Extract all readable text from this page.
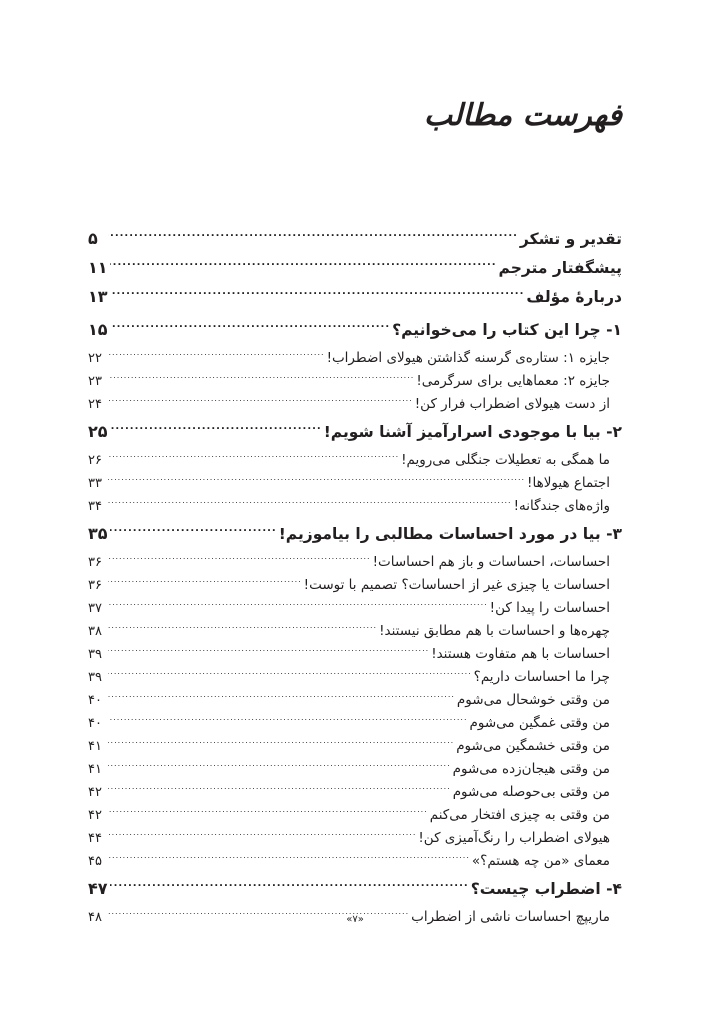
فهرست مطالب
تقدیر و تشکر
.....
۵
پیشگفتار مترجم
.....
۱۱
دربارهٔ مؤلف
.....
۱۳
۱- چرا این کتاب را می‌خوانیم؟
.....
۱۵
جایزه ۱: ستاره‌ی گرسنه گذاشتن هیولای اضطراب!
.....
۲۲
جایزه ۲: معماهایی برای سرگرمی!
.....
۲۳
از دست هیولای اضطراب فرار کن!
.....
۲۴
۲- بیا با موجودی اسرارآمیز آشنا شویم!
.....
۲۵
ما همگی به تعطیلات جنگلی می‌رویم!
.....
۲۶
اجتماع هیولاها!
.....
۳۳
واژه‌های جندگانه!
.....
۳۴
۳- بیا در مورد احساسات مطالبی را بیاموزیم!
.....
۳۵
احساسات، احساسات و باز هم احساسات!
.....
۳۶
احساسات یا چیزی غیر از احساسات؟ تصمیم با توست!
.....
۳۶
احساسات را پیدا کن!
.....
۳۷
چهره‌ها و احساسات با هم مطابق نیستند!
.....
۳۸
احساسات با هم متفاوت هستند!
.....
۳۹
چرا ما احساسات داریم؟
.....
۳۹
من وقتی خوشحال می‌شوم
.....
۴۰
من وقتی غمگین می‌شوم
.....
۴۰
من وقتی خشمگین می‌شوم
.....
۴۱
من وقتی هیجان‌زده می‌شوم
.....
۴۱
من وقتی بی‌حوصله می‌شوم
.....
۴۲
من وقتی به چیزی افتخار می‌کنم
.....
۴۲
هیولای اضطراب را رنگ‌آمیزی کن!
.....
۴۴
معمای «من چه هستم؟»
.....
۴۵
۴- اضطراب چیست؟
.....
۴۷
ماریپچ احساسات ناشی از اضطراب
.....
۴۸	«۷»
